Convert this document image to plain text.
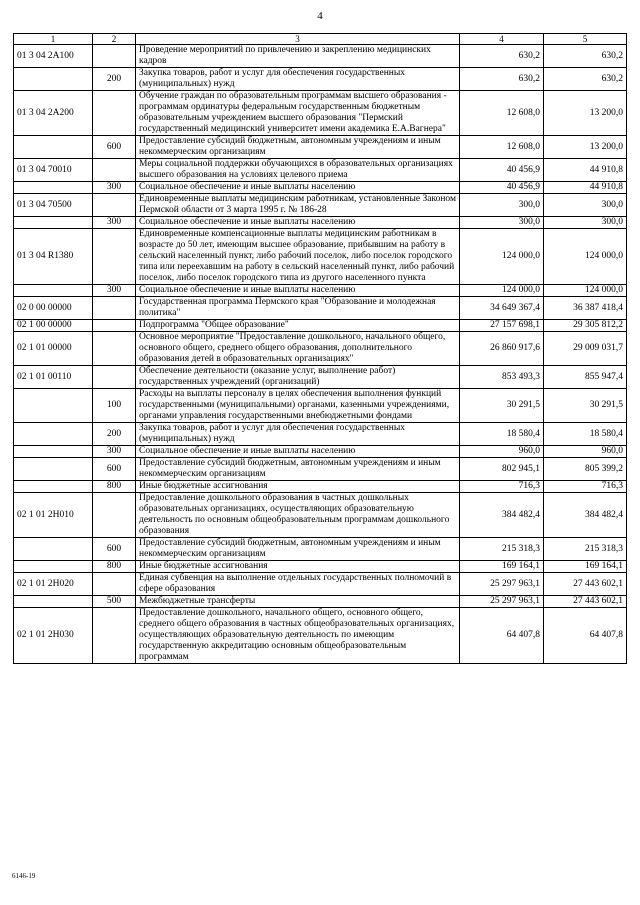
4
1	2	3	4	5
01 3 04 2А100		Проведение мероприятий по привлечению и закреплению медицинских кадров	630,2	630,2
	200	Закупка товаров, работ и услуг для обеспечения государственных (муниципальных) нужд	630,2	630,2
01 3 04 2А200		Обучение граждан по образовательным программам высшего образования - программам ординатуры федеральным государственным бюджетным образовательным учреждением высшего образования "Пермский государственный медицинский университет имени академика Е.А.Вагнера"	12 608,0	13 200,0
	600	Предоставление субсидий бюджетным, автономным учреждениям и иным некоммерческим организациям	12 608,0	13 200,0
01 3 04 70010		Меры социальной поддержки обучающихся в образовательных организациях высшего образования на условиях целевого приема	40 456,9	44 910,8
	300	Социальное обеспечение и иные выплаты населению	40 456,9	44 910,8
01 3 04 70500		Единовременные выплаты медицинским работникам, установленные Законом Пермской области от 3 марта 1995 г. № 186-28	300,0	300,0
	300	Социальное обеспечение и иные выплаты населению	300,0	300,0
01 3 04 R1380		Единовременные компенсационные выплаты медицинским работникам в возрасте до 50 лет, имеющим высшее образование, прибывшим на работу в сельский населенный пункт, либо рабочий поселок, либо поселок городского типа или переехавшим на работу в сельский населенный пункт, либо рабочий поселок, либо поселок городского типа из другого населенного пункта	124 000,0	124 000,0
	300	Социальное обеспечение и иные выплаты населению	124 000,0	124 000,0
02 0 00 00000		Государственная программа Пермского края "Образование и молодежная политика"	34 649 367,4	36 387 418,4
02 1 00 00000		Подпрограмма "Общее образование"	27 157 698,1	29 305 812,2
02 1 01 00000		Основное мероприятие "Предоставление дошкольного, начального общего, основного общего, среднего общего образования, дополнительного образования детей в образовательных организациях"	26 860 917,6	29 009 031,7
02 1 01 00110		Обеспечение деятельности (оказание услуг, выполнение работ) государственных учреждений (организаций)	853 493,3	855 947,4
	100	Расходы на выплаты персоналу в целях обеспечения выполнения функций государственными (муниципальными) органами, казенными учреждениями, органами управления государственными внебюджетными фондами	30 291,5	30 291,5
	200	Закупка товаров, работ и услуг для обеспечения государственных (муниципальных) нужд	18 580,4	18 580,4
	300	Социальное обеспечение и иные выплаты населению	960,0	960,0
	600	Предоставление субсидий бюджетным, автономным учреждениям и иным некоммерческим организациям	802 945,1	805 399,2
	800	Иные бюджетные ассигнования	716,3	716,3
02 1 01 2Н010		Предоставление дошкольного образования в частных дошкольных образовательных организациях, осуществляющих образовательную деятельность по основным общеобразовательным программам дошкольного образования	384 482,4	384 482,4
	600	Предоставление субсидий бюджетным, автономным учреждениям и иным некоммерческим организациям	215 318,3	215 318,3
	800	Иные бюджетные ассигнования	169 164,1	169 164,1
02 1 01 2Н020		Единая субвенция на выполнение отдельных государственных полномочий в сфере образования	25 297 963,1	27 443 602,1
	500	Межбюджетные трансферты	25 297 963,1	27 443 602,1
02 1 01 2Н030		Предоставление дошкольного, начального общего, основного общего, среднего общего образования в частных общеобразовательных организациях, осуществляющих образовательную деятельность по имеющим государственную аккредитацию основным общеобразовательным программам	64 407,8	64 407,8
6146-19
